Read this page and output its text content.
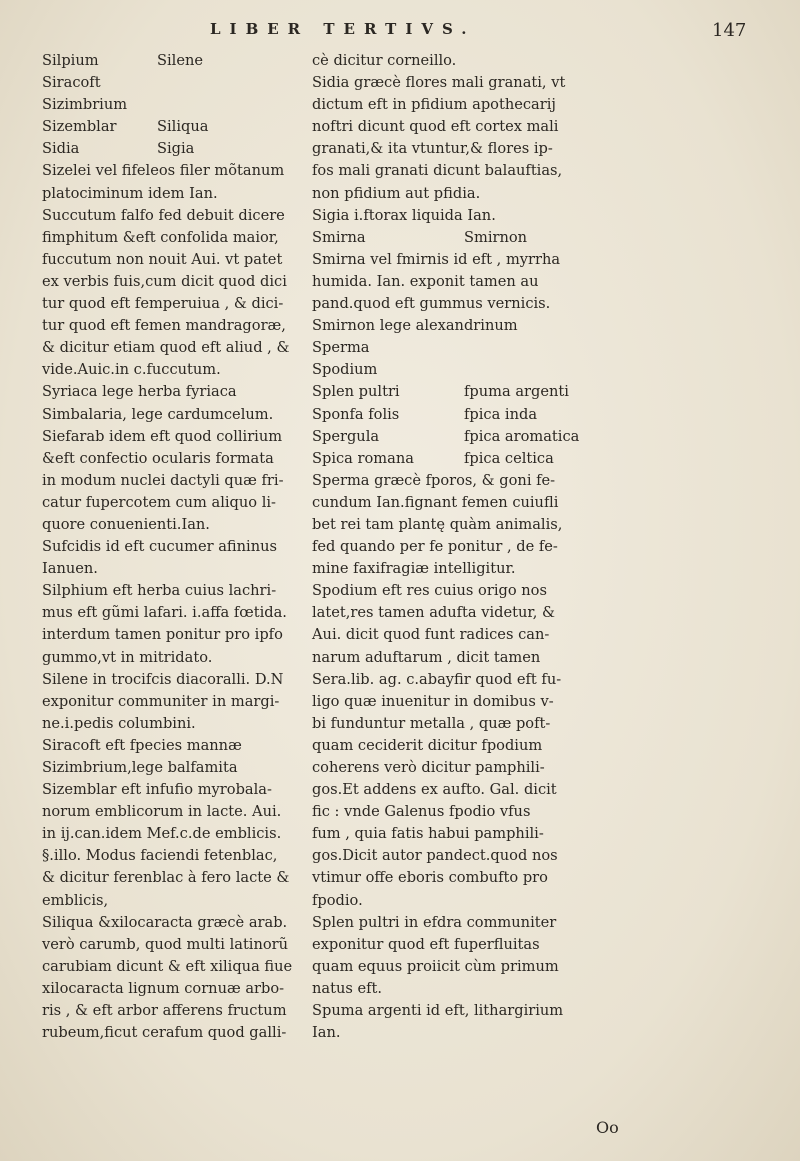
LIBER TERTIVS.	147
Silpium	Silene
Siracoft
Sizimbrium
Sizemblar	Siliqua
Sidia	Sigia
Sizelei vel fifeleos filer mõtanum
platociminum idem Ian.
Succutum falfo fed debuit dicere
fimphitum &eft confolida maior,
fuccutum non nouit Aui. vt patet
ex verbis fuis,cum dicit quod dici
tur quod eft femperuiua , & dici-
tur quod eft femen mandragoræ,
& dicitur etiam quod eft aliud , &
vide.Auic.in c.fuccutum.
Syriaca lege herba fyriaca
Simbalaria, lege cardumcelum.
Siefarab idem eft quod collirium
&eft confectio ocularis formata
in modum nuclei dactyli quæ fri-
catur fupercotem cum aliquo li-
quore conuenienti.Ian.
Sufcidis id eft cucumer afininus
Ianuen.
Silphium eft herba cuius lachri-
mus eft gũmi lafari. i.affa fœtida.
interdum tamen ponitur pro ipfo
gummo,vt in mitridato.
Silene in trocifcis diacoralli. D.N
exponitur communiter in margi-
ne.i.pedis columbini.
Siracoft eft fpecies mannæ
Sizimbrium,lege balfamita
Sizemblar eft infufio myrobala-
norum emblicorum in lacte. Aui.
in ij.can.idem Mef.c.de emblicis.
§.illo. Modus faciendi fetenblac,
& dicitur ferenblac à fero lacte &
emblicis,
Siliqua &xilocaracta græcè arab.
verò carumb, quod multi latinorũ
carubiam dicunt & eft xiliqua fiue
xilocaracta lignum cornuæ arbo-
ris , & eft arbor afferens fructum
rubeum,ficut cerafum quod galli-
cè dicitur corneillo.
Sidia græcè flores mali granati, vt
dictum eft in pfidium apothecarij
noftri dicunt quod eft cortex mali
granati,& ita vtuntur,& flores ip-
fos mali granati dicunt balauftias,
non pfidium aut pfidia.
Sigia i.ftorax liquida Ian.
Smirna	Smirnon
Smirna vel fmirnis id eft , myrrha
humida. Ian. exponit tamen au
pand.quod eft gummus vernicis.
Smirnon lege alexandrinum
Sperma
Spodium
Splen pultri	fpuma argenti
Sponfa folis	fpica inda
Spergula	fpica aromatica
Spica romana	fpica celtica
Sperma græcè fporos, & goni fe-
cundum Ian.fignant femen cuiufli
bet rei tam plantę quàm animalis,
fed quando per fe ponitur , de fe-
mine faxifragiæ intelligitur.
Spodium eft res cuius origo nos
latet,res tamen adufta videtur, &
Aui. dicit quod funt radices can-
narum aduftarum , dicit tamen
Sera.lib. ag. c.abayfir quod eft fu-
ligo quæ inuenitur in domibus v-
bi funduntur metalla , quæ poft-
quam ceciderit dicitur fpodium
coherens verò dicitur pamphili-
gos.Et addens ex aufto. Gal. dicit
fic : vnde Galenus fpodio vfus
fum , quia fatis habui pamphili-
gos.Dicit autor pandect.quod nos
vtimur offe eboris combufto pro
fpodio.
Splen pultri in efdra communiter
exponitur quod eft fuperfluitas
quam equus proiicit cùm primum
natus eft.
Spuma argenti id eft, lithargirium
Ian.
Oo
